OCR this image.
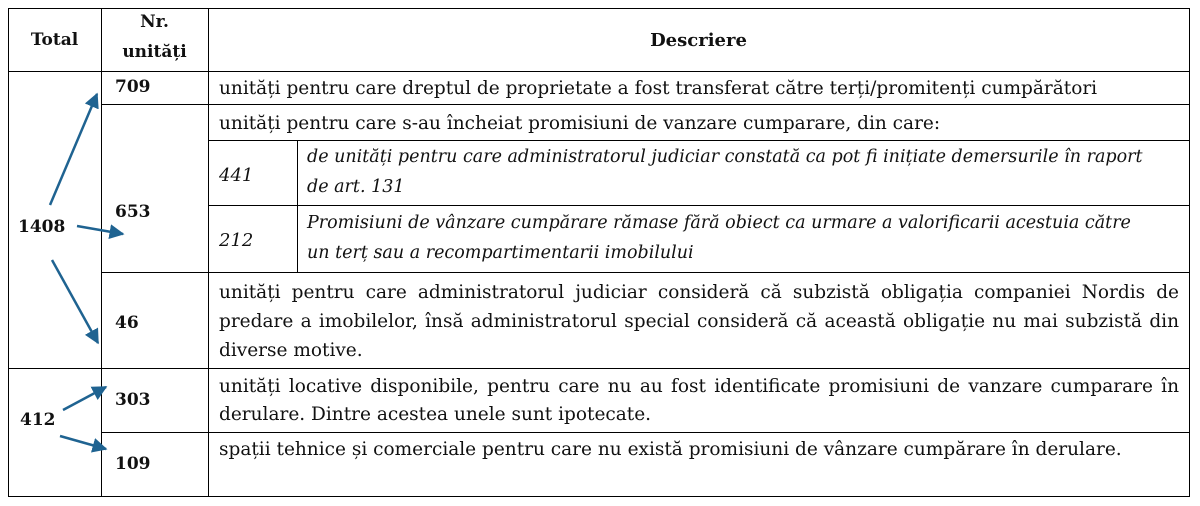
Total
Nr.
unități
Descriere
1408
412
709
653
46
303
109
unități pentru care dreptul de proprietate a fost transferat către terți/promitenți cumpărători
unități pentru care s-au încheiat promisiuni de vanzare cumparare, din care:
441
de unități pentru care administratorul judiciar constată ca pot fi inițiate demersurile în raport
de art. 131
212
Promisiuni de vânzare cumpărare rămase fără obiect ca urmare a valorificarii acestuia către
un terț sau a recompartimentarii imobilului
unități pentru care administratorul judiciar consideră că subzistă obligația companiei Nordis de predare a imobilelor, însă administratorul special consideră că această obligație nu mai subzistă din diverse motive.
unități locative disponibile, pentru care nu au fost identificate promisiuni de vanzare cumparare în derulare. Dintre acestea unele sunt ipotecate.
spații tehnice și comerciale pentru care nu există promisiuni de vânzare cumpărare în derulare.
